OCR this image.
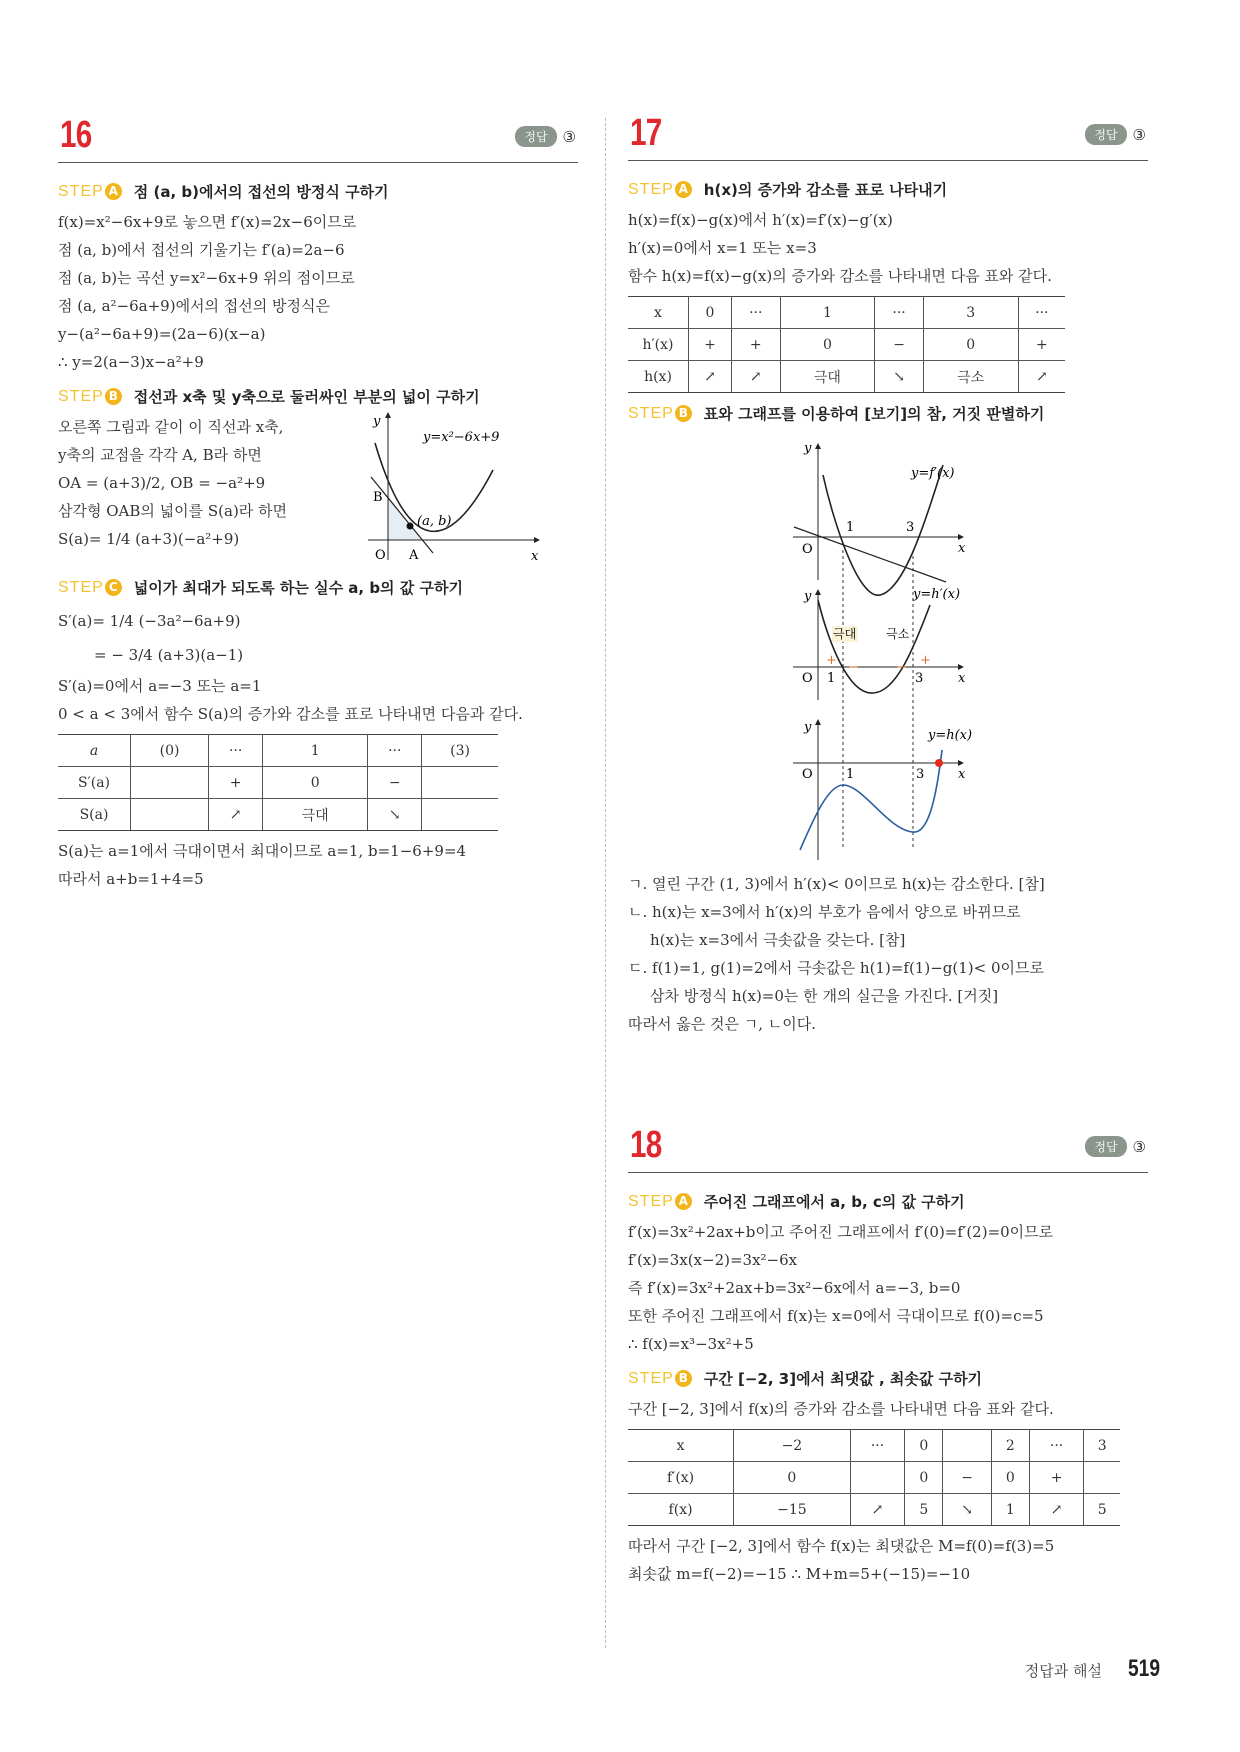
16	정답	③
STEP A 점 (a, b)에서의 접선의 방정식 구하기
f(x)=x²−6x+9로 놓으면 f′(x)=2x−6이므로
점 (a, b)에서 접선의 기울기는 f′(a)=2a−6
점 (a, b)는 곡선 y=x²−6x+9 위의 점이므로
점 (a, a²−6a+9)에서의 접선의 방정식은
y−(a²−6a+9)=(2a−6)(x−a)
∴ y=2(a−3)x−a²+9
STEP B 접선과 x축 및 y축으로 둘러싸인 부분의 넓이 구하기
오른쪽 그림과 같이 이 직선과 x축,
y축의 교점을 각각 A, B라 하면
OA = (a+3)/2, OB = −a²+9
삼각형 OAB의 넓이를 S(a)라 하면
S(a)= 1/4 (a+3)(−a²+9)
y
x
O A
B
(a, b)
y=x²−6x+9
STEP C 넓이가 최대가 되도록 하는 실수 a, b의 값 구하기
S′(a)= 1/4 (−3a²−6a+9)
= − 3/4 (a+3)(a−1)
S′(a)=0에서 a=−3 또는 a=1
0 < a < 3에서 함수 S(a)의 증가와 감소를 표로 나타내면 다음과 같다.
a	(0)	···	1	···	(3)
S′(a)		+	0	−	
S(a)		↗	극대	↘	
S(a)는 a=1에서 극대이면서 최대이므로 a=1, b=1−6+9=4
따라서 a+b=1+4=5
17	정답	③
STEP A h(x)의 증가와 감소를 표로 나타내기
h(x)=f(x)−g(x)에서 h′(x)=f′(x)−g′(x)
h′(x)=0에서 x=1 또는 x=3
함수 h(x)=f(x)−g(x)의 증가와 감소를 나타내면 다음 표와 같다.
x	0	···	1	···	3	···
h′(x)	+	+	0	−	0	+
h(x)	↗	↗	극대	↘	극소	↗
STEP B 표와 그래프를 이용하여 [보기]의 참, 거짓 판별하기
y
x
O
1	3
y=f′(x)
y
x
O 1	3
y=h′(x)
극대 극소
+ −	− +
y
x
O	1	3
y=h(x)
ㄱ. 열린 구간 (1, 3)에서 h′(x)< 0이므로 h(x)는 감소한다. [참]
ㄴ. h(x)는 x=3에서 h′(x)의 부호가 음에서 양으로 바뀌므로
h(x)는 x=3에서 극솟값을 갖는다. [참]
ㄷ. f(1)=1, g(1)=2에서 극솟값은 h(1)=f(1)−g(1)< 0이므로
삼차 방정식 h(x)=0는 한 개의 실근을 가진다. [거짓]
따라서 옳은 것은 ㄱ, ㄴ이다.
18	정답	③
STEP A 주어진 그래프에서 a, b, c의 값 구하기
f′(x)=3x²+2ax+b이고 주어진 그래프에서 f′(0)=f′(2)=0이므로
f′(x)=3x(x−2)=3x²−6x
즉 f′(x)=3x²+2ax+b=3x²−6x에서 a=−3, b=0
또한 주어진 그래프에서 f(x)는 x=0에서 극대이므로 f(0)=c=5
∴ f(x)=x³−3x²+5
STEP B 구간 [−2, 3]에서 최댓값 , 최솟값 구하기
구간 [−2, 3]에서 f(x)의 증가와 감소를 나타내면 다음 표와 같다.
x	−2	···	0		2	···	3
f′(x)	0		0	−	0	+	
f(x)	−15	↗	5	↘	1	↗	5
따라서 구간 [−2, 3]에서 함수 f(x)는 최댓값은 M=f(0)=f(3)=5
최솟값 m=f(−2)=−15 ∴ M+m=5+(−15)=−10
정답과 해설 519
